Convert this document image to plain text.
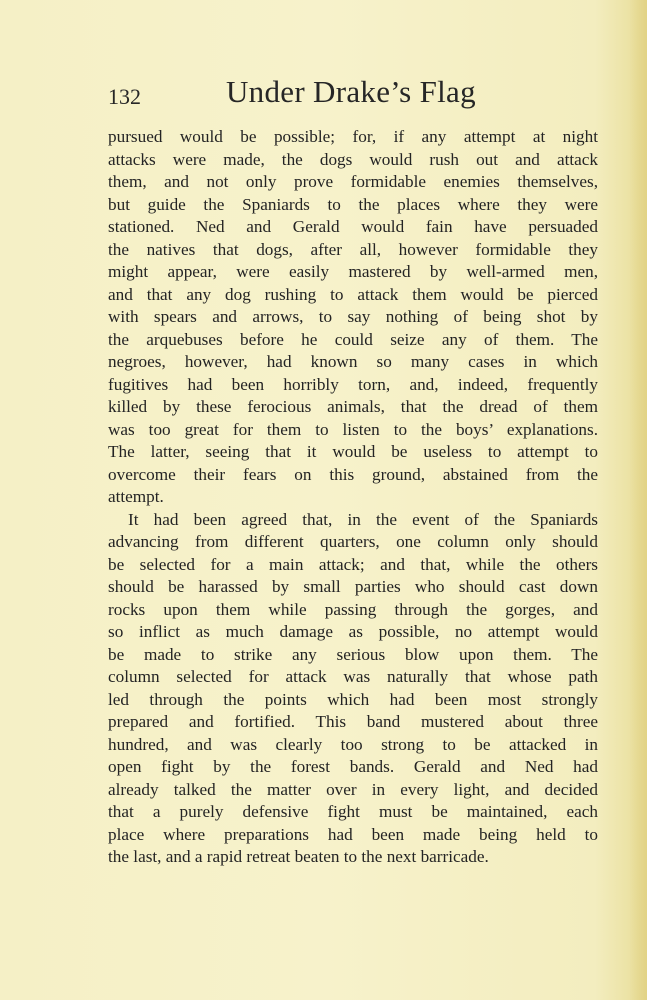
132	Under Drake’s Flag
pursued would be possible; for, if any attempt at night
attacks were made, the dogs would rush out and attack
them, and not only prove formidable enemies themselves,
but guide the Spaniards to the places where they were
stationed. Ned and Gerald would fain have persuaded
the natives that dogs, after all, however formidable they
might appear, were easily mastered by well-armed men,
and that any dog rushing to attack them would be pierced
with spears and arrows, to say nothing of being shot by
the arquebuses before he could seize any of them. The
negroes, however, had known so many cases in which
fugitives had been horribly torn, and, indeed, frequently
killed by these ferocious animals, that the dread of them
was too great for them to listen to the boys’ explanations.
The latter, seeing that it would be useless to attempt to
overcome their fears on this ground, abstained from the
attempt.
It had been agreed that, in the event of the Spaniards
advancing from different quarters, one column only should
be selected for a main attack; and that, while the others
should be harassed by small parties who should cast down
rocks upon them while passing through the gorges, and
so inflict as much damage as possible, no attempt would
be made to strike any serious blow upon them. The
column selected for attack was naturally that whose path
led through the points which had been most strongly
prepared and fortified. This band mustered about three
hundred, and was clearly too strong to be attacked in
open fight by the forest bands. Gerald and Ned had
already talked the matter over in every light, and decided
that a purely defensive fight must be maintained, each
place where preparations had been made being held to
the last, and a rapid retreat beaten to the next barricade.
